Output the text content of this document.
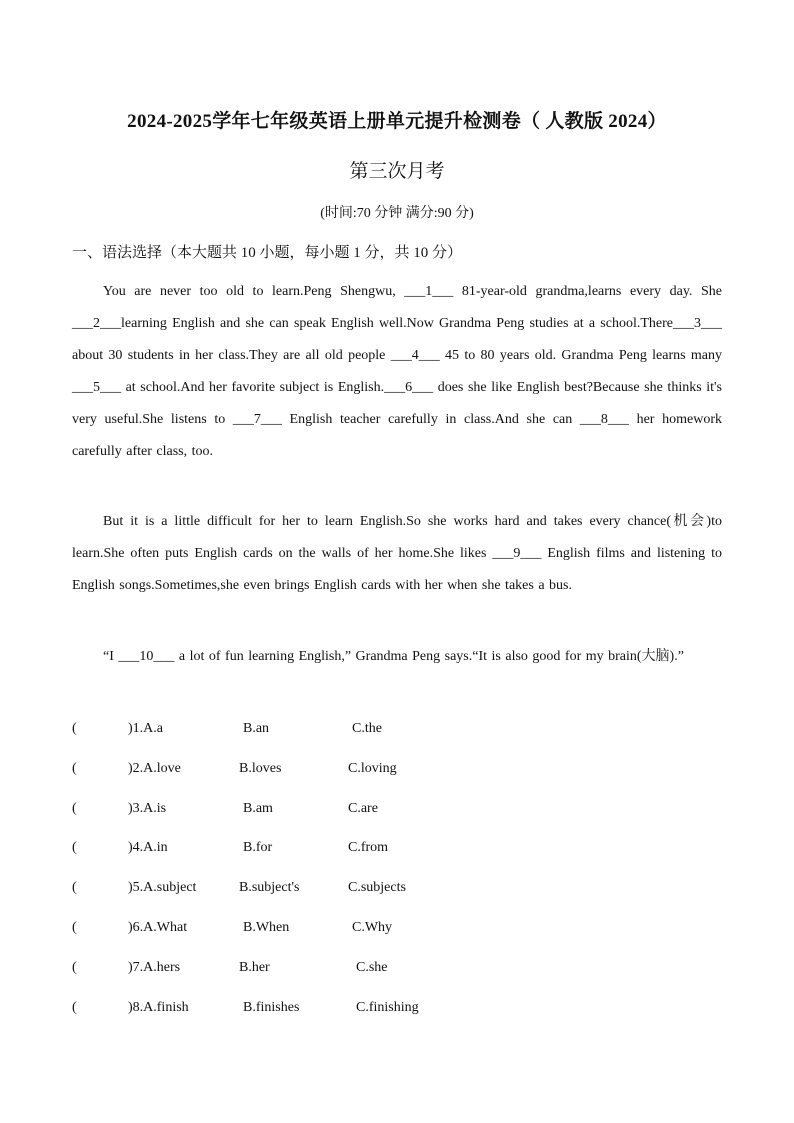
2024-2025学年七年级英语上册单元提升检测卷（ 人教版 2024）
第三次月考
(时间:70 分钟 满分:90 分)
一、语法选择（本大题共 10 小题，每小题 1 分，共 10 分）
You are never too old to learn.Peng Shengwu, ___1___ 81-year-old grandma,learns every day. She ___2___learning English and she can speak English well.Now Grandma Peng studies at a school.There___3___ about 30 students in her class.They are all old people ___4___ 45 to 80 years old. Grandma Peng learns many ___5___ at school.And her favorite subject is English.___6___ does she like English best?Because she thinks it's very useful.She listens to ___7___ English teacher carefully in class.And she can ___8___ her homework carefully after class, too.
But it is a little difficult for her to learn English.So she works hard and takes every chance(机会)to learn.She often puts English cards on the walls of her home.She likes ___9___ English films and listening to English songs.Sometimes,she even brings English cards with her when she takes a bus.
“I ___10___ a lot of fun learning English,” Grandma Peng says.“It is also good for my brain(大脑).”
(	)1.A.a	B.an	C.the
(	)2.A.love	B.loves	C.loving
(	)3.A.is	B.am	C.are
(	)4.A.in	B.for	C.from
(	)5.A.subject	B.subject's	C.subjects
(	)6.A.What	B.When	C.Why
(	)7.A.hers	B.her	C.she
(	)8.A.finish	B.finishes	C.finishing
